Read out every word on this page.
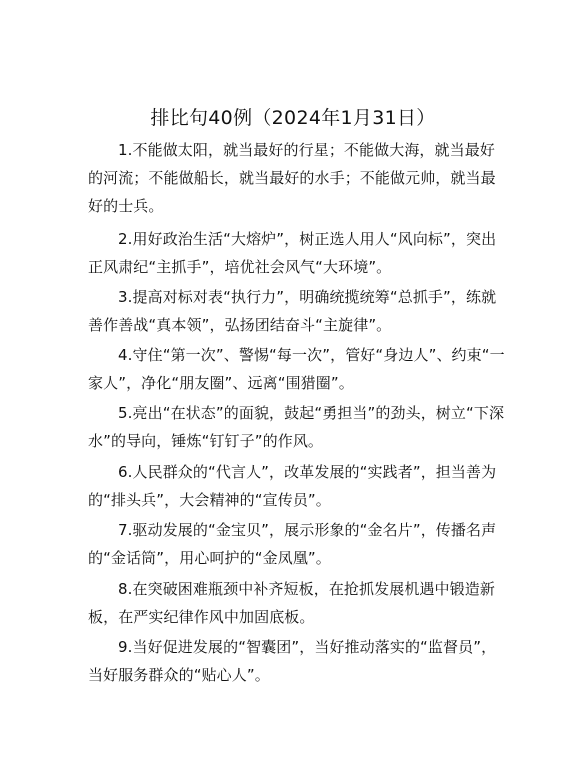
排比句40例（2024年1月31日）

1.不能做太阳，就当最好的行星；不能做大海，就当最好的河流；不能做船长，就当最好的水手；不能做元帅，就当最好的士兵。

2.用好政治生活“大熔炉”，树正选人用人“风向标”，突出正风肃纪“主抓手”，培优社会风气“大环境”。

3.提高对标对表“执行力”，明确统揽统筹“总抓手”，练就善作善战“真本领”，弘扬团结奋斗“主旋律”。

4.守住“第一次”、警惕“每一次”，管好“身边人”、约束“一家人”，净化“朋友圈”、远离“围猎圈”。

5.亮出“在状态”的面貌，鼓起“勇担当”的劲头，树立“下深水”的导向，锤炼“钉钉子”的作风。

6.人民群众的“代言人”，改革发展的“实践者”，担当善为的“排头兵”，大会精神的“宣传员”。

7.驱动发展的“金宝贝”，展示形象的“金名片”，传播名声的“金话筒”，用心呵护的“金凤凰”。

8.在突破困难瓶颈中补齐短板，在抢抓发展机遇中锻造新板，在严实纪律作风中加固底板。

9.当好促进发展的“智囊团”，当好推动落实的“监督员”，当好服务群众的“贴心人”。
